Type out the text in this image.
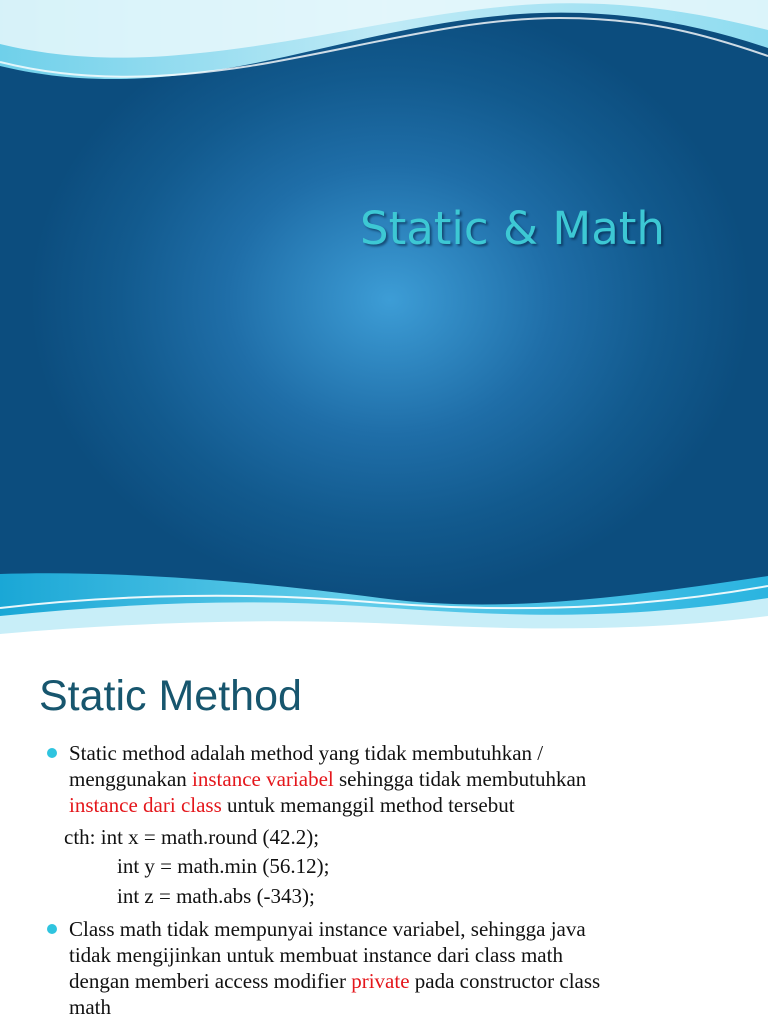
Static & Math
Static Method
Static method adalah method yang tidak membutuhkan /
menggunakan instance variabel sehingga tidak membutuhkan
instance dari class untuk memanggil method tersebut
cth: int x = math.round (42.2);
int y = math.min (56.12);
int z = math.abs (-343);
Class math tidak mempunyai instance variabel, sehingga java
tidak mengijinkan untuk membuat instance dari class math
dengan memberi access modifier private pada constructor class
math
